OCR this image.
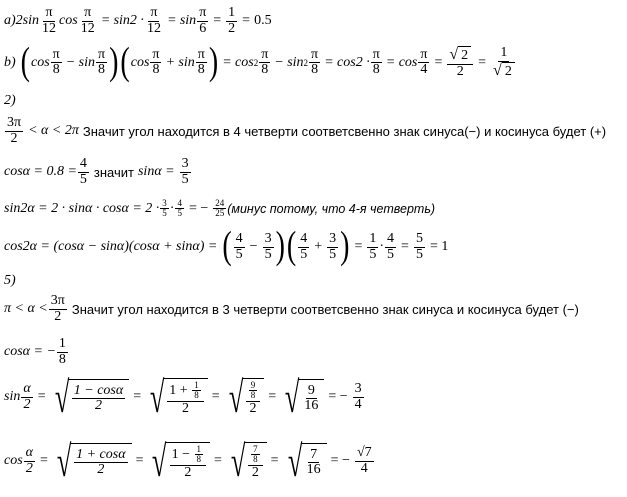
a) $2\sin \frac{\pi}{12}$ $\cos \frac{\pi}{12} = \sin 2 \cdot \frac{\pi}{12} = \sin \frac{\pi}{6} = \frac{1}{2} = 0.5$
b) ( $\cos \frac{\pi}{8} - \sin \frac{\pi}{8}$ ) ( $\cos \frac{\pi}{8} + \sin \frac{\pi}{8}$ ) = $\cos 2 \frac{\pi}{8} - \sin 2 \frac{\pi}{8} = \cos 2 \cdot \frac{\pi}{8} = \cos \frac{\pi}{4} = \frac{√ 2}{2} = \frac{1}{√ 2}$
2)
$\frac{3\pi}{2} < \alpha < 2\pi$ Значит угол находится в 4 четверти соответсвенно знак синуса(−) и косинуса будет (+)
$\cos\alpha = 0.8 = \frac{4}{5}$ значит $\sin\alpha = \frac{3}{5}$
$\sin 2\alpha = 2 \cdot \sin\alpha \cdot \cos\alpha = 2 \cdot \frac{3}{5} \cdot \frac{4}{5}$ = − $\frac{24}{25}$ (минус потому, что 4-я четверть)
cos2α = (cosα − sinα)(cosα + sinα) = ( $\frac{4}{5} - \frac{3}{5}$ ) ( $\frac{4}{5} + \frac{3}{5}$ ) = $\frac{1}{5} \cdot \frac{4}{5} = \frac{5}{5} = 1$
5)
$\pi < \alpha < \frac{3\pi}{2}$ Значит угол находится в 3 четверти соответсвенно знак синуса и косинуса будет (−)
cosα = − $\frac{1}{8}$
$\sin \frac{\alpha}{2}$ = √ $\frac{1 - \cos\alpha}{2}$ = √ $\frac{1 + \frac{1}{8}}{2}$ = √ $\frac{\frac{9}{8}}{2}$ = √ $\frac{9}{16}$ = − $\frac{3}{4}$
$\cos \frac{\alpha}{2}$ = √ $\frac{1 + \cos\alpha}{2}$ = √ $\frac{1 - \frac{1}{8}}{2}$ = √ $\frac{\frac{7}{8}}{2}$ = √ $\frac{7}{16}$ = − $\frac{√7}{4}$
